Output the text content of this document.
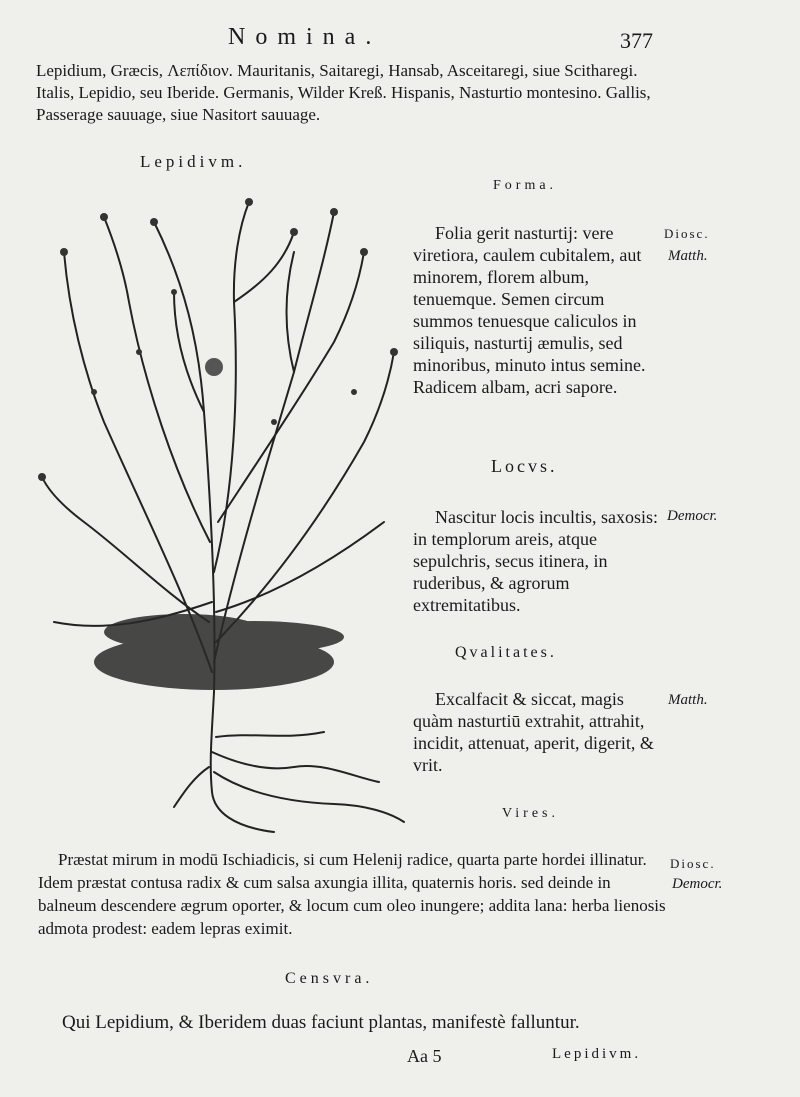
Nomina.	377
Lepidium, Græcis, Λεπίδιον. Mauritanis, Saitaregi, Hansab, Asceitaregi, siue Scitharegi. Italis, Lepidio, seu Iberide. Germanis, Wilder Kreß. Hispanis, Nasturtio montesino. Gallis, Passerage sauuage, siue Nasitort sauuage.
Lepidivm.
Forma.
Folia gerit nasturtij: vere viretiora, caulem cubitalem, aut minorem, florem album, tenuemque. Semen circum summos tenuesque caliculos in siliquis, nasturtij æmulis, sed minoribus, minuto intus semine. Radicem albam, acri sapore.
Locvs.
Nascitur locis incultis, saxosis: in templorum areis, atque sepulchris, secus itinera, in ruderibus, & agrorum extremitatibus.
Qvalitates.
Excalfacit & siccat, magis quàm nasturtiū extrahit, attrahit, incidit, attenuat, aperit, digerit, & vrit.
Vires.
Præstat mirum in modū Ischiadicis, si cum Helenij radice, quarta parte hordei illinatur. Idem præstat contusa radix & cum salsa axungia illita, quaternis horis. sed deinde in balneum descendere ægrum oporter, & locum cum oleo inungere; addita lana: herba lienosis admota prodest: eadem lepras eximit.
Censvra.
Qui Lepidium, & Iberidem duas faciunt plantas, manifestè falluntur.
Diosc.
Matth.
Democr.
Matth.
Diosc.
Democr.
Aa 5	Lepidivm.
